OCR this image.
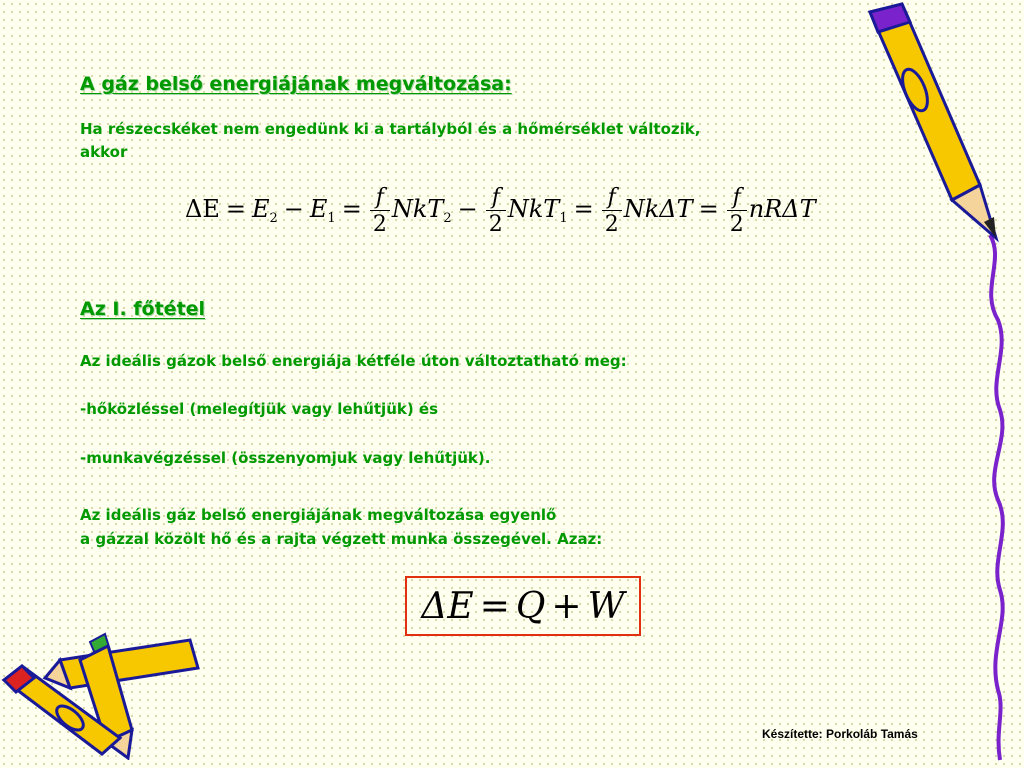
A gáz belső energiájának megváltozása:
Ha részecskéket nem engedünk ki a tartályból és a hőmérséklet változik,
akkor
$\Delta E = E_2 - E_1 = \frac{f}{2} NkT_2 - \frac{f}{2} NkT_1 = \frac{f}{2}$ $Nk\Delta T = \frac{f}{2}$ nRΔT
Az I. főtétel
Az ideális gázok belső energiája kétféle úton változtatható meg:
-hőközléssel (melegítjük vagy lehűtjük) és
-munkavégzéssel (összenyomjuk vagy lehűtjük).
Az ideális gáz belső energiájának megváltozása egyenlő
a gázzal közölt hő és a rajta végzett munka összegével. Azaz:
ΔE = Q + W
Készítette: Porkoláb Tamás
